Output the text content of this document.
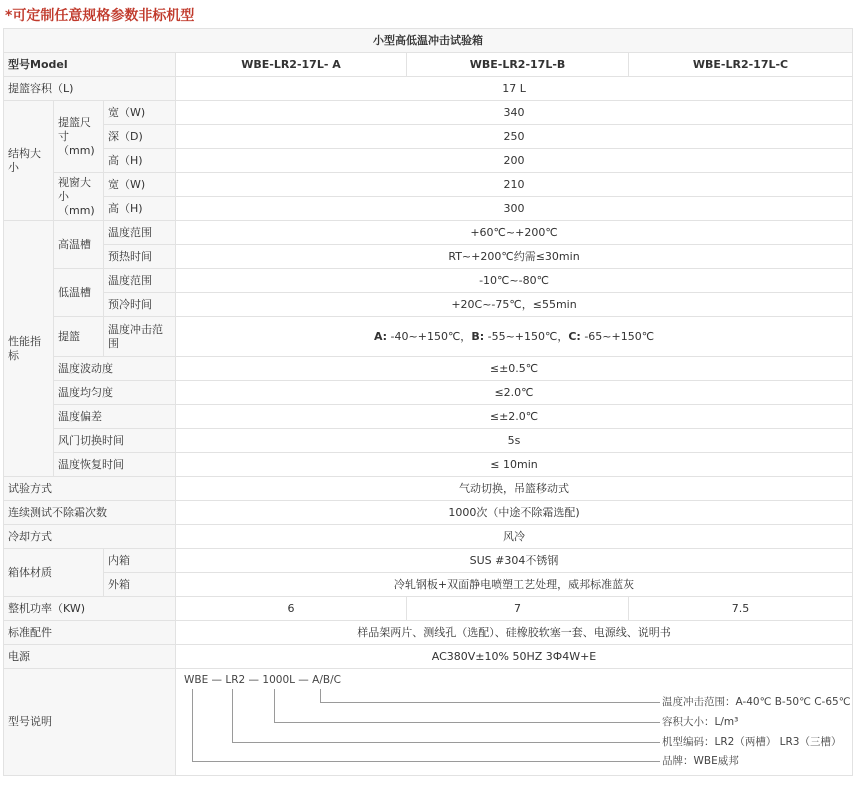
*可定制任意规格参数非标机型
小型高低温冲击试验箱					
型号Model			WBE-LR2-17L- A	WBE-LR2-17L-B	WBE-LR2-17L-C
提篮容积（L)			17 L		
结构大小	提篮尺寸（mm)	宽（W)	340		
		深（D)	250		
		高（H)	200		
	视窗大小（mm)	宽（W)	210		
		高（H)	300		
性能指标	高温槽	温度范围	+60℃~+200℃		
		预热时间	RT~+200℃约需≤30min		
	低温槽	温度范围	-10℃~-80℃		
		预冷时间	+20C~-75℃，≤55min		
	提篮	温度冲击范围	A: -40~+150℃，B: -55~+150℃，C: -65~+150℃		
	温度波动度		≤±0.5℃		
	温度均匀度		≤2.0℃		
	温度偏差		≤±2.0℃		
	风门切换时间		5s		
	温度恢复时间		≤ 10min		
试验方式			气动切换，吊篮移动式		
连续测试不除霜次数			1000次（中途不除霜选配)		
冷却方式			风冷		
箱体材质		内箱	SUS #304不锈钢		
		外箱	冷轧钢板+双面静电喷塑工艺处理，威邦标准蓝灰		
整机功率（KW)			6	7	7.5
标准配件			样品架两片、测线孔（选配）、硅橡胶软塞一套、电源线、说明书		
电源			AC380V±10% 50HZ 3Ф4W+E		
型号说明			WBE — LR2 — 1000L — A/B/C
温度冲击范围：A-40℃ B-50℃ C-65℃
容积大小：L/m³
机型编码：LR2（两槽） LR3（三槽）
品牌：WBE威邦		
